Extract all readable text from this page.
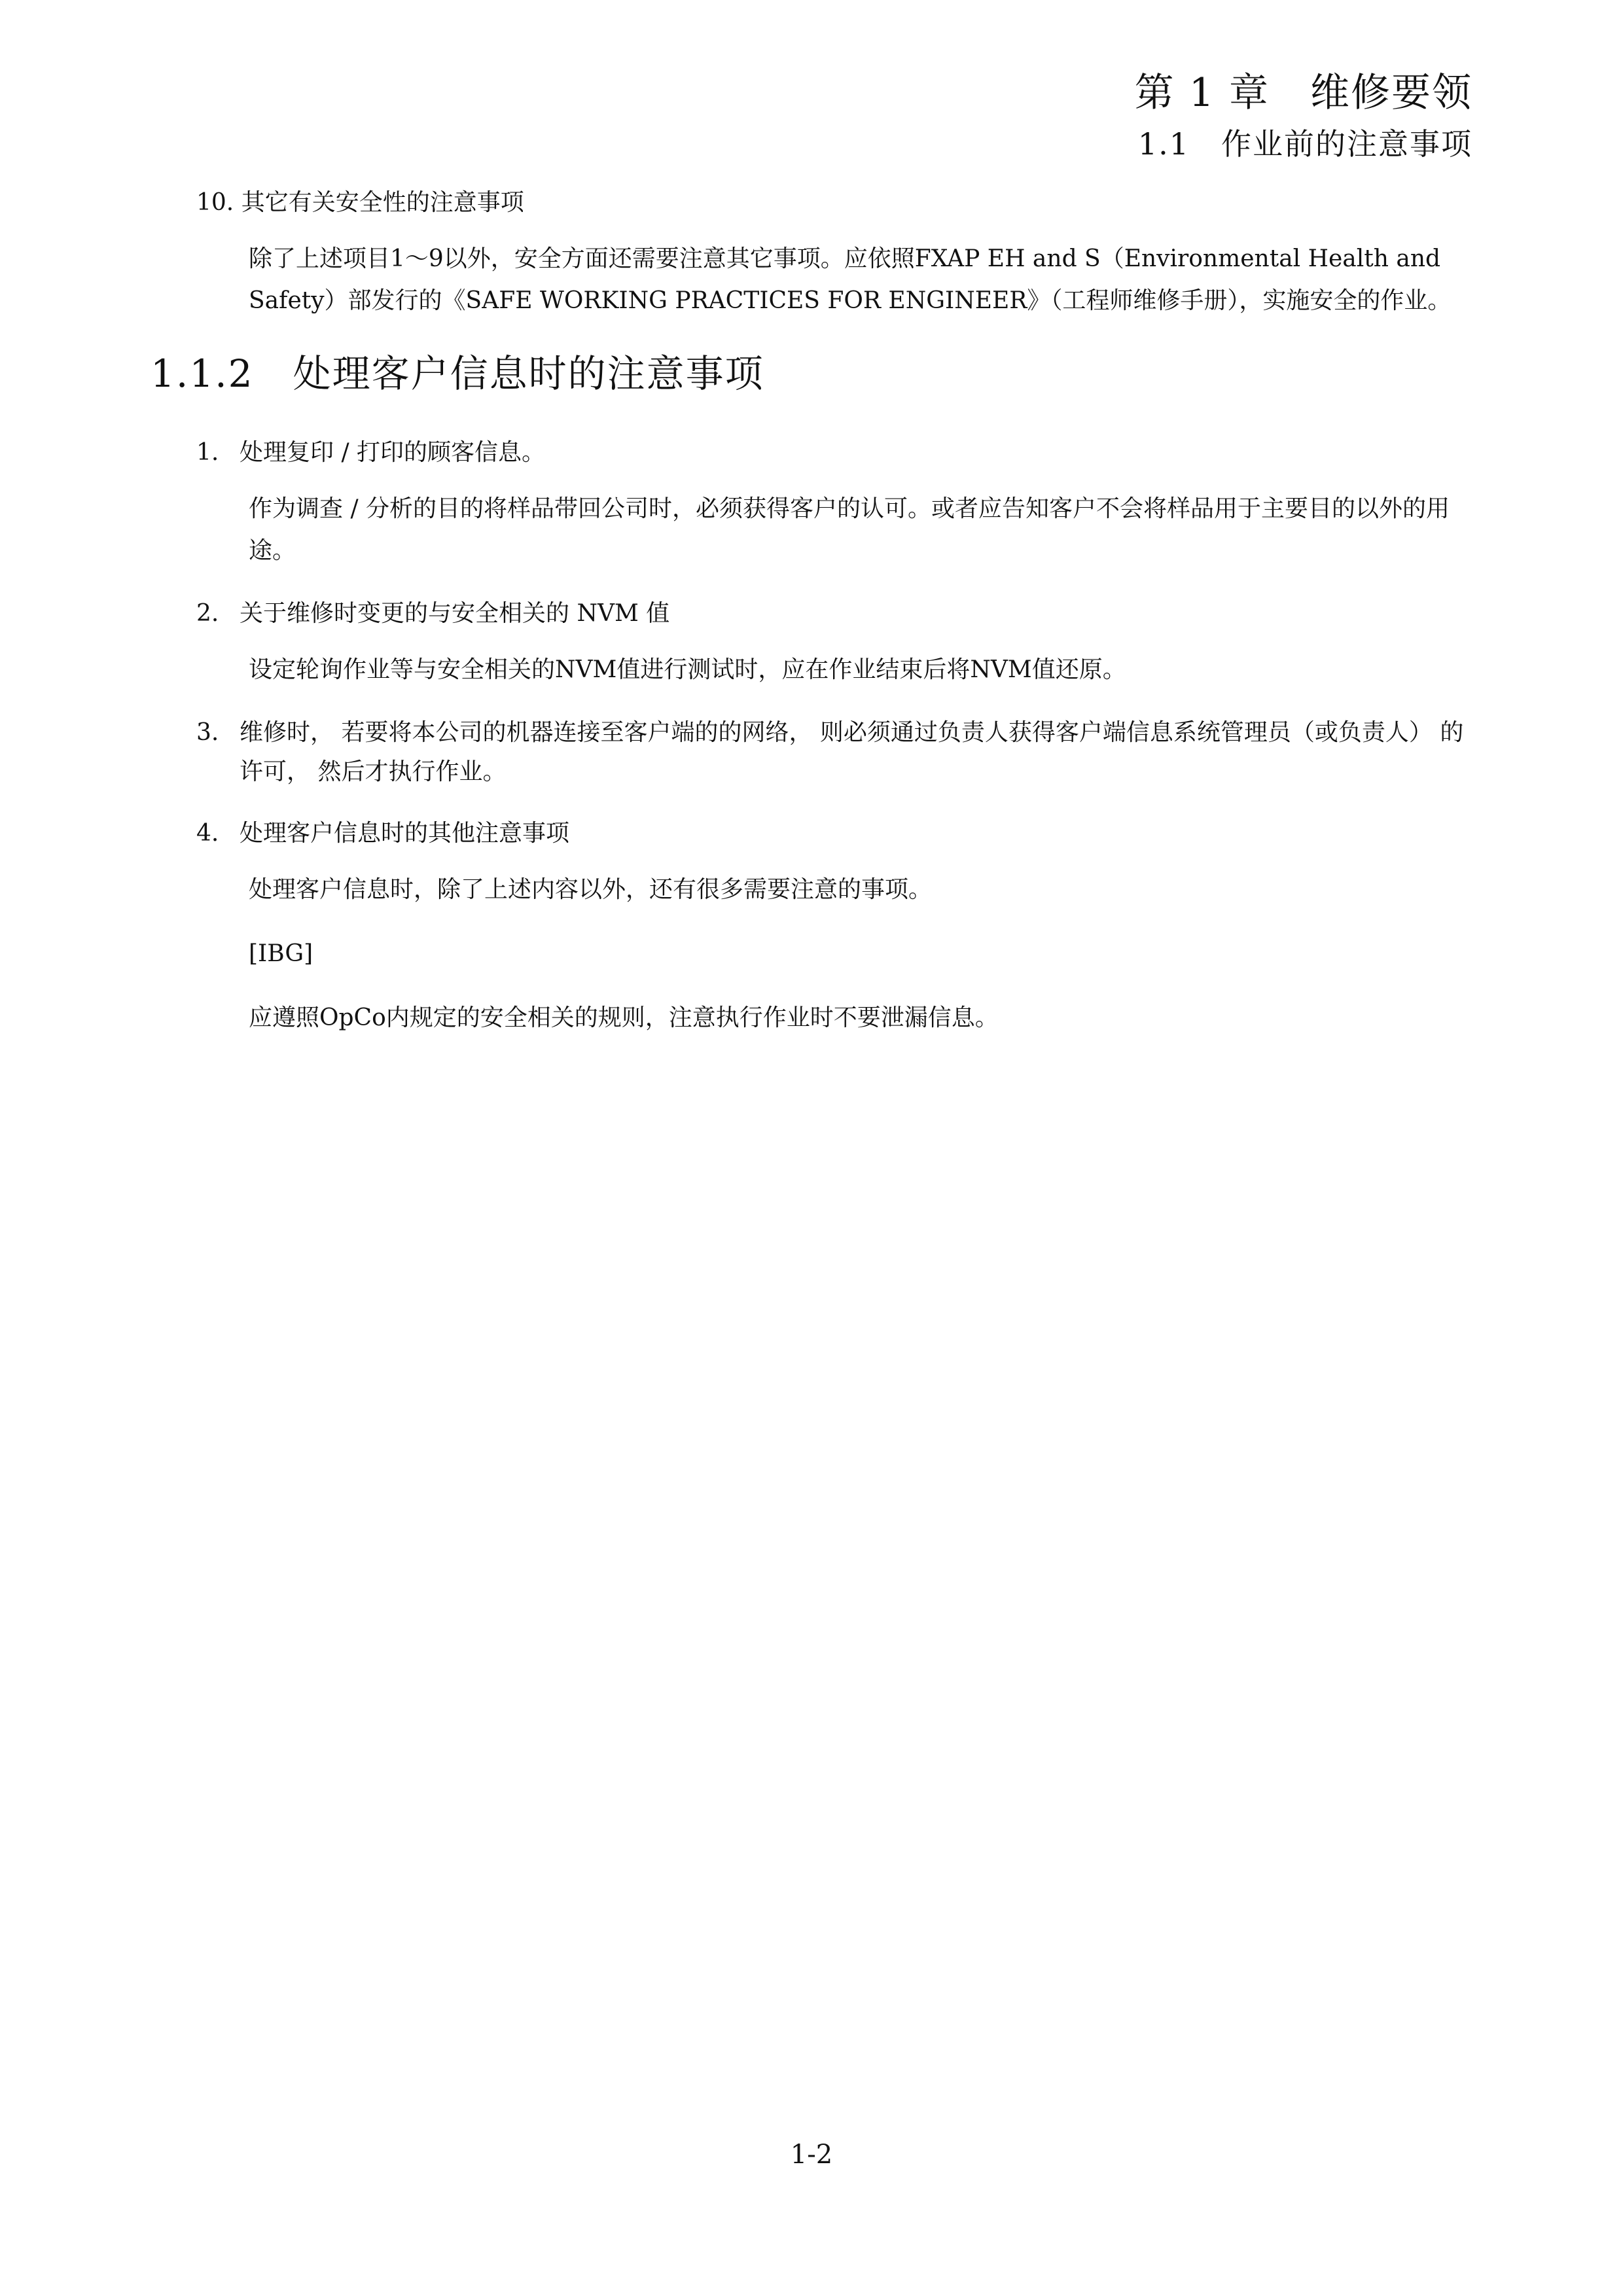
第 1 章　维修要领
1.1　作业前的注意事项
10. 其它有关安全性的注意事项
除了上述项目1～9以外，安全方面还需要注意其它事项。应依照FXAP EH and S（Environmental Health and Safety）部发行的《SAFE WORKING PRACTICES FOR ENGINEER》（工程师维修手册），实施安全的作业。
1.1.2　处理客户信息时的注意事项
1. 处理复印 / 打印的顾客信息。
作为调查 / 分析的目的将样品带回公司时，必须获得客户的认可。或者应告知客户不会将样品用于主要目的以外的用途。
2. 关于维修时变更的与安全相关的 NVM 值
设定轮询作业等与安全相关的NVM值进行测试时，应在作业结束后将NVM值还原。
3. 维修时， 若要将本公司的机器连接至客户端的的网络， 则必须通过负责人获得客户端信息系统管理员（或负责人） 的许可， 然后才执行作业。
4. 处理客户信息时的其他注意事项
处理客户信息时，除了上述内容以外，还有很多需要注意的事项。
[IBG]
应遵照OpCo内规定的安全相关的规则，注意执行作业时不要泄漏信息。
1-2
